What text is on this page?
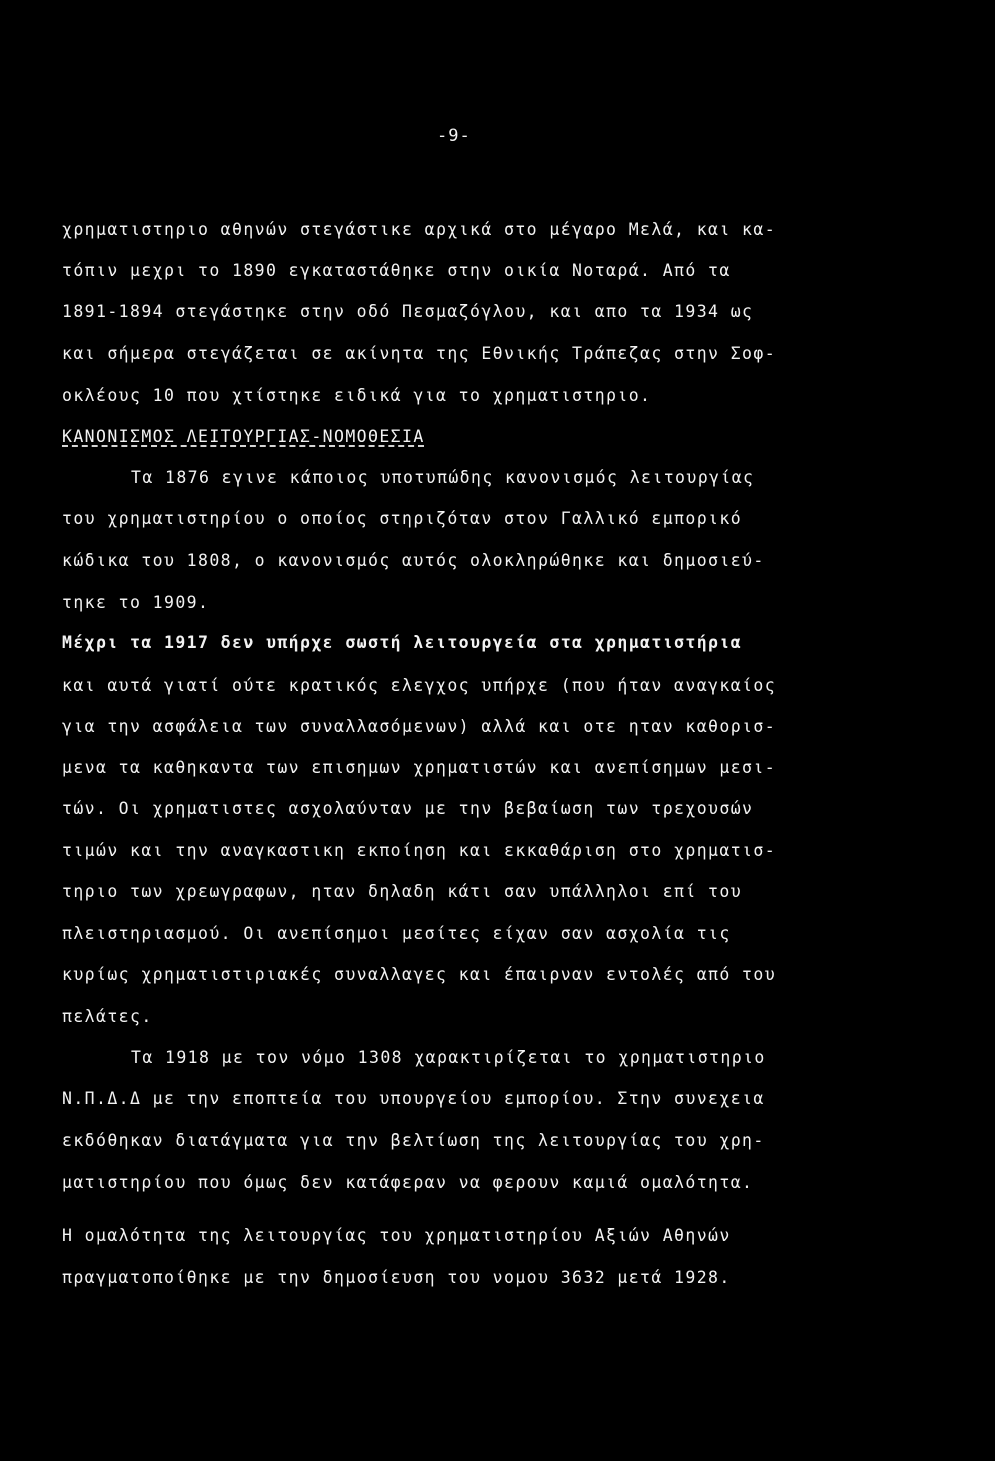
-9-
χρηματιστηριο αθηνών στεγάστικε αρχικά στο μέγαρο Μελά, και κα-
τόπιν μεχρι το 1890 εγκαταστάθηκε στην οικία Νοταρά. Από τα
1891-1894 στεγάστηκε στην οδό Πεσμαζόγλου, και απο τα 1934 ως
και σήμερα στεγάζεται σε ακίνητα της Εθνικής Τράπεζας στην Σοφ-
οκλέους 10 που χτίστηκε ειδικά για το χρηματιστηριο.
ΚΑΝΟΝΙΣΜΟΣ ΛΕΙΤΟΥΡΓΙΑΣ-ΝΟΜΟΘΕΣΙΑ
Τα 1876 εγινε κάποιος υποτυπώδης κανονισμός λειτουργίας
του χρηματιστηρίου ο οποίος στηριζόταν στον Γαλλικό εμπορικό
κώδικα του 1808, ο κανονισμός αυτός ολοκληρώθηκε και δημοσιεύ-
τηκε το 1909.
Μέχρι τα 1917 δεν υπήρχε σωστή λειτουργεία στα χρηματιστήρια
και αυτά γιατί ούτε κρατικός ελεγχος υπήρχε (που ήταν αναγκαίος
για την ασφάλεια των συναλλασόμενων) αλλά και οτε ηταν καθορισ-
μενα τα καθηκαντα των επισημων χρηματιστών και ανεπίσημων μεσι-
τών. Οι χρηματιστες ασχολαύνταν με την βεβαίωση των τρεχουσών
τιμών και την αναγκαστικη εκποίηση και εκκαθάριση στο χρηματισ-
τηριο των χρεωγραφων, ηταν δηλαδη κάτι σαν υπάλληλοι επί του
πλειστηριασμού. Οι ανεπίσημοι μεσίτες είχαν σαν ασχολία τις
κυρίως χρηματιστιριακές συναλλαγες και έπαιρναν εντολές από του
πελάτες.
Τα 1918 με τον νόμο 1308 χαρακτιρίζεται το χρηματιστηριο
Ν.Π.Δ.Δ με την εποπτεία του υπουργείου εμπορίου. Στην συνεχεια
εκδόθηκαν διατάγματα για την βελτίωση της λειτουργίας του χρη-
ματιστηρίου που όμως δεν κατάφεραν να φερουν καμιά ομαλότητα.
Η ομαλότητα της λειτουργίας του χρηματιστηρίου Αξιών Αθηνών
πραγματοποίθηκε με την δημοσίευση του νομου 3632 μετά 1928.
